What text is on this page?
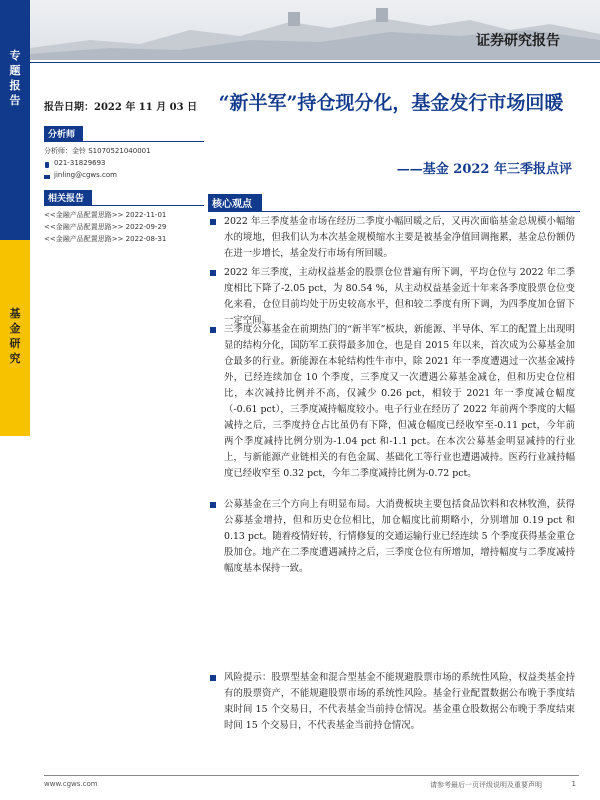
专
题
报
告
基
金
研
究
证券研究报告
报告日期：2022 年 11 月 03 日	“新半军”持仓现分化，基金发行市场回暖
——基金 2022 年三季报点评
分析师
分析师：金铃 S1070521040001
021-31829693
jinling@cgws.com
相关报告
<<金融产品配置思路>> 2022-11-01
<<金融产品配置思路>> 2022-09-29
<<金融产品配置思路>> 2022-08-31
核心观点

2022 年三季度基金市场在经历二季度小幅回暖之后，又再次面临基金总规模小幅缩水的境地，但我们认为本次基金规模缩水主要是被基金净值回调拖累，基金总份额仍在进一步增长，基金发行市场有所回暖。

2022 年三季度，主动权益基金的股票仓位普遍有所下调，平均仓位与 2022 年二季度相比下降了-2.05 pct，为 80.54 %，从主动权益基金近十年来各季度股票仓位变化来看，仓位目前均处于历史较高水平，但和较二季度有所下调，为四季度加仓留下一定空间。

三季度公募基金在前期热门的“新半军”板块，新能源、半导体、军工的配置上出现明显的结构分化，国防军工获得最多加仓，也是自 2015 年以来，首次成为公募基金加仓最多的行业。新能源在本轮结构性牛市中，除 2021 年一季度遭遇过一次基金减持外，已经连续加仓 10 个季度，三季度又一次遭遇公募基金减仓，但和历史仓位相比，本次减持比例并不高，仅减少 0.26 pct，相较于 2021 年一季度减仓幅度（-0.61 pct），三季度减持幅度较小。电子行业在经历了 2022 年前两个季度的大幅减持之后，三季度持仓占比虽仍有下降，但减仓幅度已经收窄至-0.11 pct，今年前两个季度减持比例分别为-1.04 pct 和-1.1 pct。在本次公募基金明显减持的行业上，与新能源产业链相关的有色金属、基础化工等行业也遭遇减持。医药行业减持幅度已经收窄至 0.32 pct，今年二季度减持比例为-0.72 pct。

公募基金在三个方向上有明显布局。大消费板块主要包括食品饮料和农林牧渔，获得公募基金增持，但和历史仓位相比，加仓幅度比前期略小，分别增加 0.19 pct 和 0.13 pct。随着疫情好转，行情修复的交通运输行业已经连续 5 个季度获得基金重仓股加仓。地产在二季度遭遇减持之后，三季度仓位有所增加，增持幅度与二季度减持幅度基本保持一致。

风险提示：股票型基金和混合型基金不能规避股票市场的系统性风险，权益类基金持有的股票资产，不能规避股票市场的系统性风险。基金行业配置数据公布晚于季度结束时间 15 个交易日，不代表基金当前持仓情况。基金重仓股数据公布晚于季度结束时间 15 个交易日，不代表基金当前持仓情况。

www.cgws.com	请参考最后一页评级说明及重要声明	1
